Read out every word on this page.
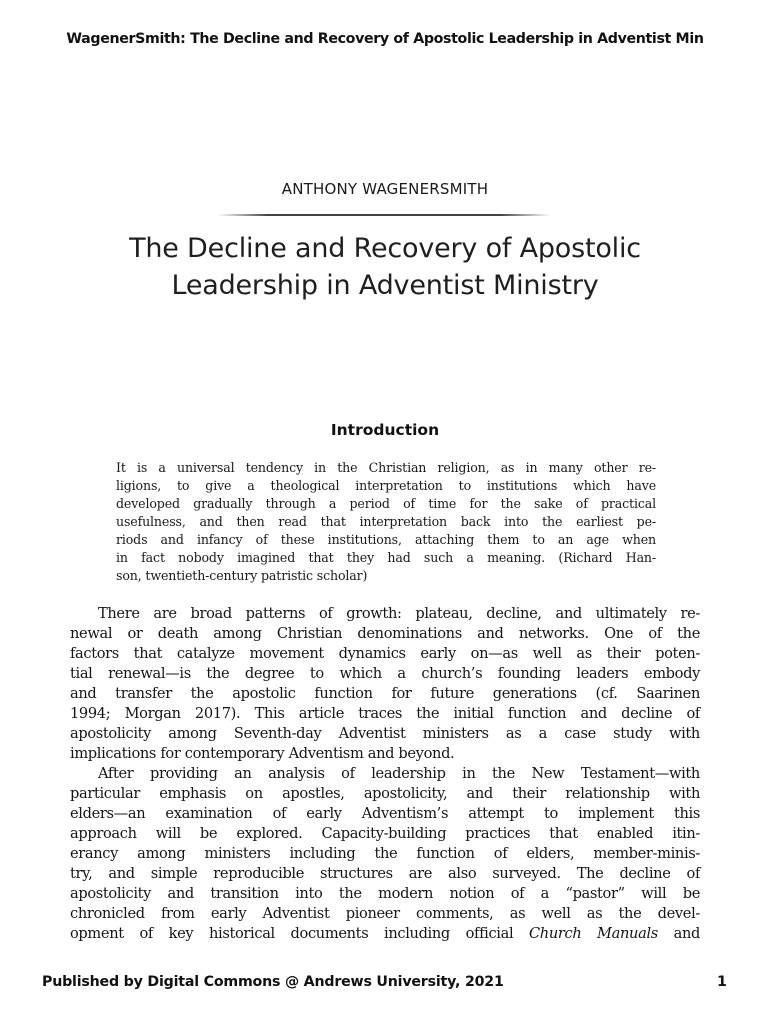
WagenerSmith: The Decline and Recovery of Apostolic Leadership in Adventist Min
ANTHONY WAGENERSMITH
The Decline and Recovery of Apostolic
Leadership in Adventist Ministry
Introduction
It is a universal tendency in the Christian religion, as in many other re-
ligions, to give a theological interpretation to institutions which have
developed gradually through a period of time for the sake of practical
usefulness, and then read that interpretation back into the earliest pe-
riods and infancy of these institutions, attaching them to an age when
in fact nobody imagined that they had such a meaning. (Richard Han-
son, twentieth-century patristic scholar)
There are broad patterns of growth: plateau, decline, and ultimately re-
newal or death among Christian denominations and networks. One of the
factors that catalyze movement dynamics early on—as well as their poten-
tial renewal—is the degree to which a church’s founding leaders embody
and transfer the apostolic function for future generations (cf. Saarinen
1994; Morgan 2017). This article traces the initial function and decline of
apostolicity among Seventh-day Adventist ministers as a case study with
implications for contemporary Adventism and beyond.
After providing an analysis of leadership in the New Testament—with
particular emphasis on apostles, apostolicity, and their relationship with
elders—an examination of early Adventism’s attempt to implement this
approach will be explored. Capacity-building practices that enabled itin-
erancy among ministers including the function of elders, member-minis-
try, and simple reproducible structures are also surveyed. The decline of
apostolicity and transition into the modern notion of a “pastor” will be
chronicled from early Adventist pioneer comments, as well as the devel-
opment of key historical documents including official Church Manuals and
Published by Digital Commons @ Andrews University, 2021	1
